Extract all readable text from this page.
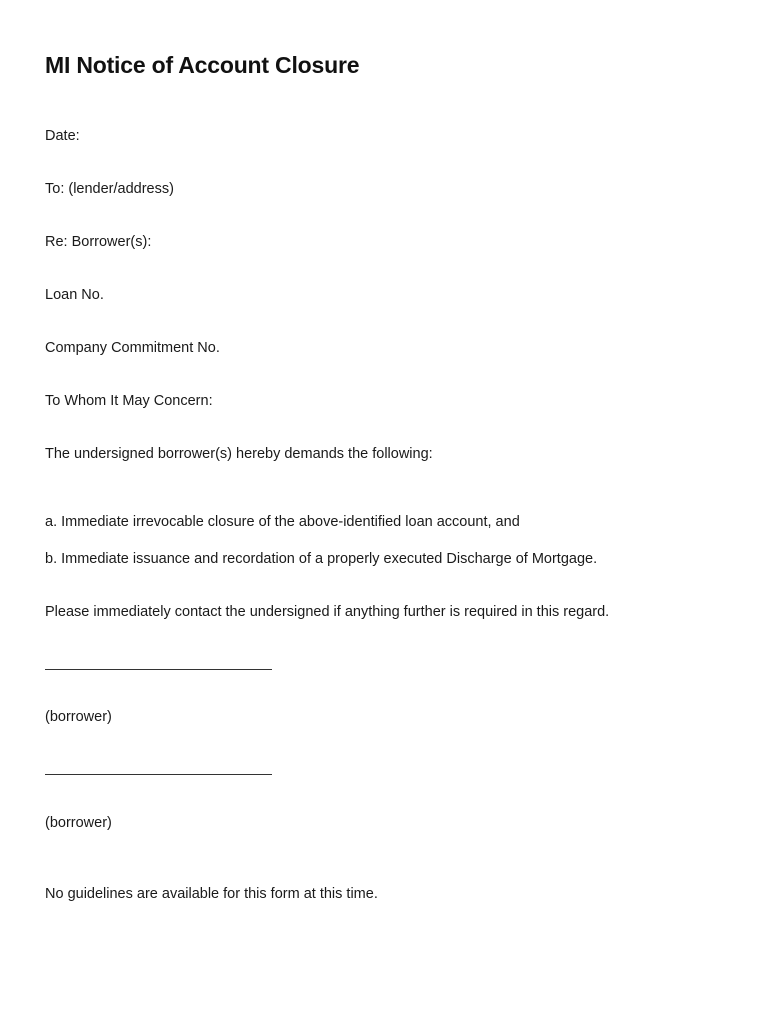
MI Notice of Account Closure
Date:
To: (lender/address)
Re: Borrower(s):
Loan No.
Company Commitment No.
To Whom It May Concern:
The undersigned borrower(s) hereby demands the following:
a. Immediate irrevocable closure of the above-identified loan account, and
b. Immediate issuance and recordation of a properly executed Discharge of Mortgage.
Please immediately contact the undersigned if anything further is required in this regard.
(borrower)
(borrower)
No guidelines are available for this form at this time.
